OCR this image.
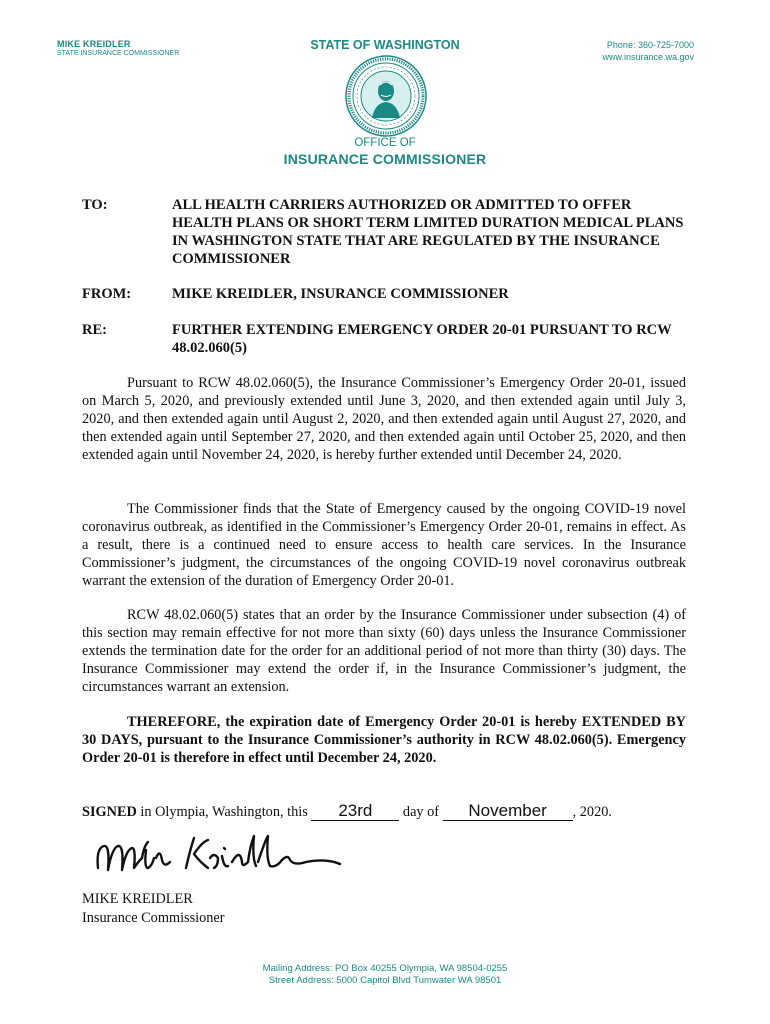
MIKE KREIDLER
STATE INSURANCE COMMISSIONER
STATE OF WASHINGTON	Phone: 360-725-7000
www.insurance.wa.gov
OFFICE OF
INSURANCE COMMISSIONER
TO:	ALL HEALTH CARRIERS AUTHORIZED OR ADMITTED TO OFFER HEALTH PLANS OR SHORT TERM LIMITED DURATION MEDICAL PLANS IN WASHINGTON STATE THAT ARE REGULATED BY THE INSURANCE COMMISSIONER
FROM:	MIKE KREIDLER, INSURANCE COMMISSIONER
RE:	FURTHER EXTENDING EMERGENCY ORDER 20-01 PURSUANT TO RCW 48.02.060(5)
Pursuant to RCW 48.02.060(5), the Insurance Commissioner’s Emergency Order 20-01, issued on March 5, 2020, and previously extended until June 3, 2020, and then extended again until July 3, 2020, and then extended again until August 2, 2020, and then extended again until August 27, 2020, and then extended again until September 27, 2020, and then extended again until October 25, 2020, and then extended again until November 24, 2020, is hereby further extended until December 24, 2020.
The Commissioner finds that the State of Emergency caused by the ongoing COVID-19 novel coronavirus outbreak, as identified in the Commissioner’s Emergency Order 20-01, remains in effect. As a result, there is a continued need to ensure access to health care services. In the Insurance Commissioner’s judgment, the circumstances of the ongoing COVID-19 novel coronavirus outbreak warrant the extension of the duration of Emergency Order 20-01.
RCW 48.02.060(5) states that an order by the Insurance Commissioner under subsection (4) of this section may remain effective for not more than sixty (60) days unless the Insurance Commissioner extends the termination date for the order for an additional period of not more than thirty (30) days. The Insurance Commissioner may extend the order if, in the Insurance Commissioner’s judgment, the circumstances warrant an extension.
THEREFORE, the expiration date of Emergency Order 20-01 is hereby EXTENDED BY 30 DAYS, pursuant to the Insurance Commissioner’s authority in RCW 48.02.060(5). Emergency Order 20-01 is therefore in effect until December 24, 2020.
SIGNED in Olympia, Washington, this 23rd day of November , 2020.
MIKE KREIDLER
Insurance Commissioner
Mailing Address: PO Box 40255 Olympia, WA 98504-0255
Street Address: 5000 Capitol Blvd Tumwater WA 98501
